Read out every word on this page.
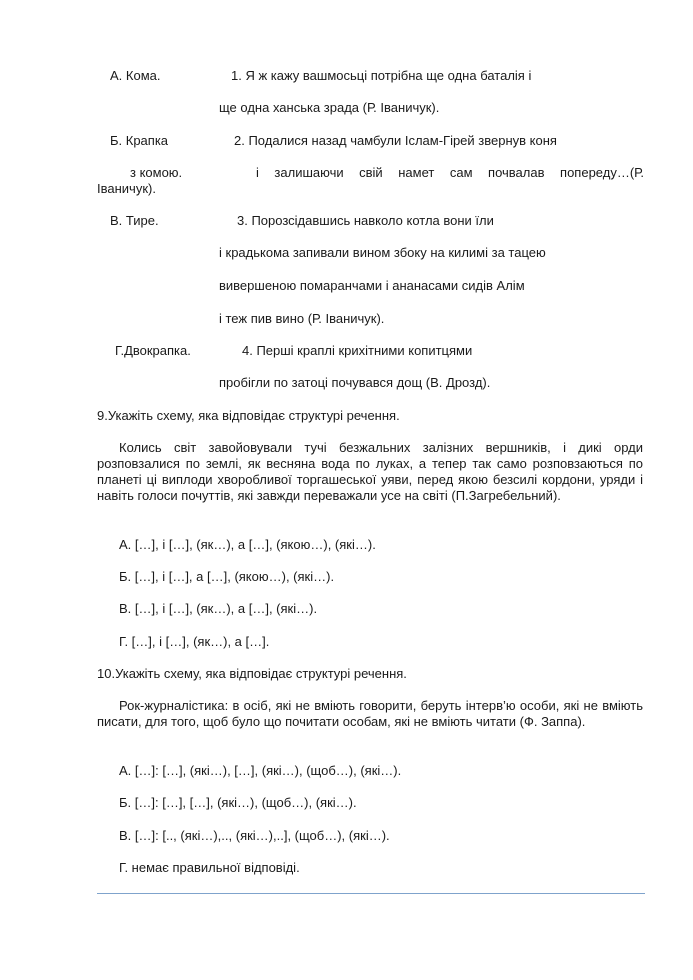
А. Кома.	1. Я ж кажу вашмосьці потрібна ще одна баталія і
ще одна ханська зрада (Р. Іваничук).
Б. Крапка	2. Подалися назад чамбули Іслам-Гірей звернув коня
з комою.	і залишаючи свій намет сам почвалав попереду…(Р.
Іваничук).
В. Тире.	3. Порозсідавшись навколо котла вони їли
і крадькома запивали вином збоку на килимі за тацею
вивершеною помаранчами і ананасами сидів Алім
і теж пив вино (Р. Іваничук).
Г.Двокрапка.	4. Перші краплі крихітними копитцями
пробігли по затоці почувався дощ (В. Дрозд).
9.Укажіть схему, яка відповідає структурі речення.
Колись світ завойовували тучі безжальних залізних вершників, і дикі орди розповзалися по землі, як весняна вода по луках, а тепер так само розповзаються по планеті ці виплоди хворобливої торгашеської уяви, перед якою безсилі кордони, уряди і навіть голоси почуттів, які завжди переважали усе на світі (П.Загребельний).
А. […], і […], (як…), а […], (якою…), (які…).
Б. […], і […], а […], (якою…), (які…).
В. […], і […], (як…), а […], (які…).
Г. […], і […], (як…), а […].
10.Укажіть схему, яка відповідає структурі речення.
Рок-журналістика: в осіб, які не вміють говорити, беруть інтерв’ю особи, які не вміють писати, для того, щоб було що почитати особам, які не вміють читати (Ф. Заппа).
А. […]: […], (які…), […], (які…), (щоб…), (які…).
Б. […]: […], […], (які…), (щоб…), (які…).
В. […]: [.., (які…),.., (які…),..], (щоб…), (які…).
Г. немає правильної відповіді.
